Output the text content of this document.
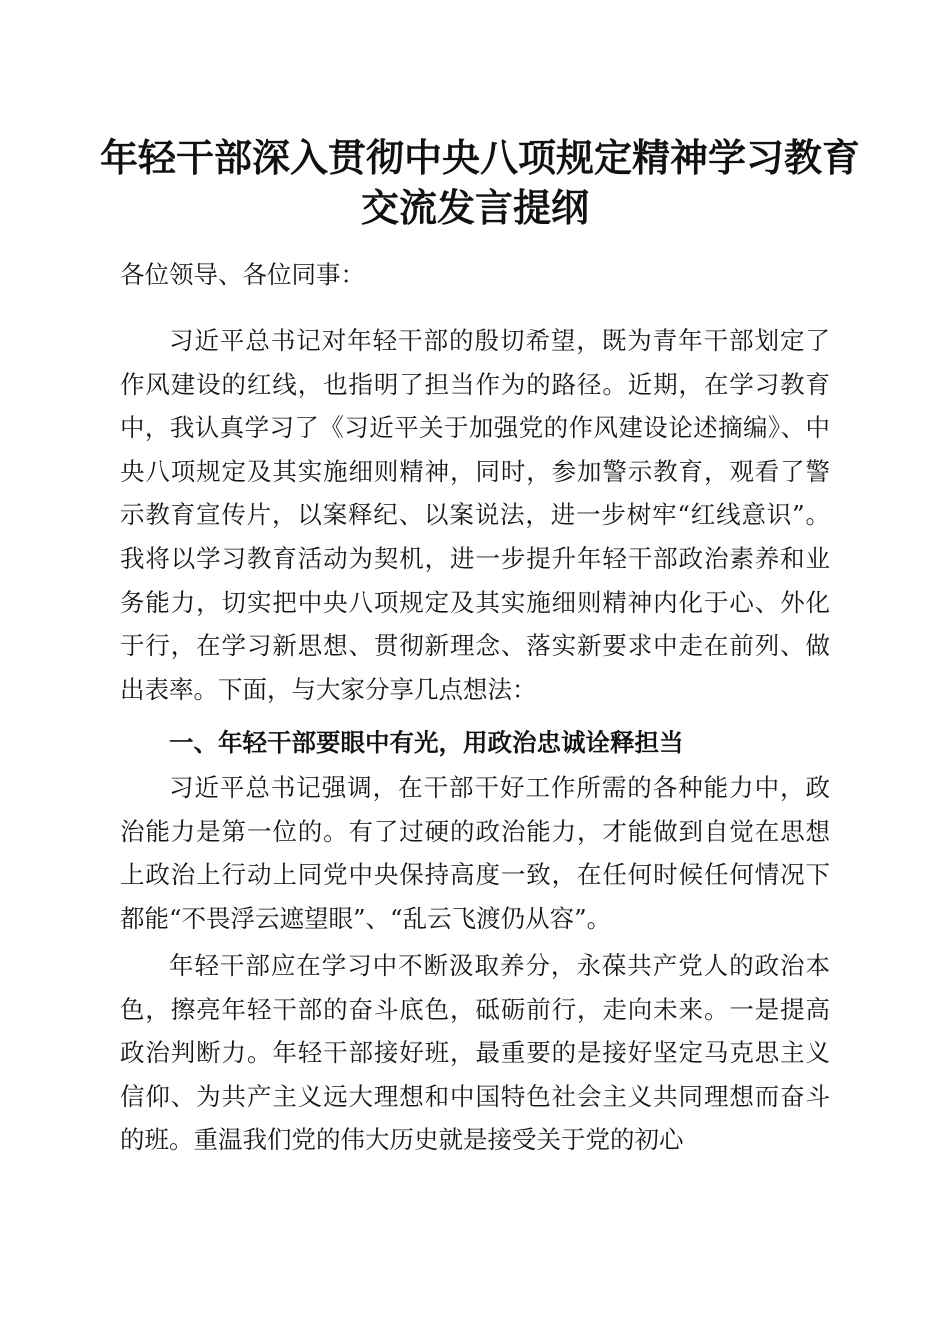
年轻干部深入贯彻中央八项规定精神学习教育
交流发言提纲
各位领导、各位同事：
习近平总书记对年轻干部的殷切希望，既为青年干部划定了作风建设的红线，也指明了担当作为的路径。近期，在学习教育中，我认真学习了《习近平关于加强党的作风建设论述摘编》、中央八项规定及其实施细则精神，同时，参加警示教育，观看了警示教育宣传片，以案释纪、以案说法，进一步树牢“红线意识”。我将以学习教育活动为契机，进一步提升年轻干部政治素养和业务能力，切实把中央八项规定及其实施细则精神内化于心、外化于行，在学习新思想、贯彻新理念、落实新要求中走在前列、做出表率。下面，与大家分享几点想法：
一、年轻干部要眼中有光，用政治忠诚诠释担当
习近平总书记强调，在干部干好工作所需的各种能力中，政治能力是第一位的。有了过硬的政治能力，才能做到自觉在思想上政治上行动上同党中央保持高度一致，在任何时候任何情况下都能“不畏浮云遮望眼”、“乱云飞渡仍从容”。
年轻干部应在学习中不断汲取养分，永葆共产党人的政治本色，擦亮年轻干部的奋斗底色，砥砺前行，走向未来。一是提高政治判断力。年轻干部接好班，最重要的是接好坚定马克思主义信仰、为共产主义远大理想和中国特色社会主义共同理想而奋斗的班。重温我们党的伟大历史就是接受关于党的初心
